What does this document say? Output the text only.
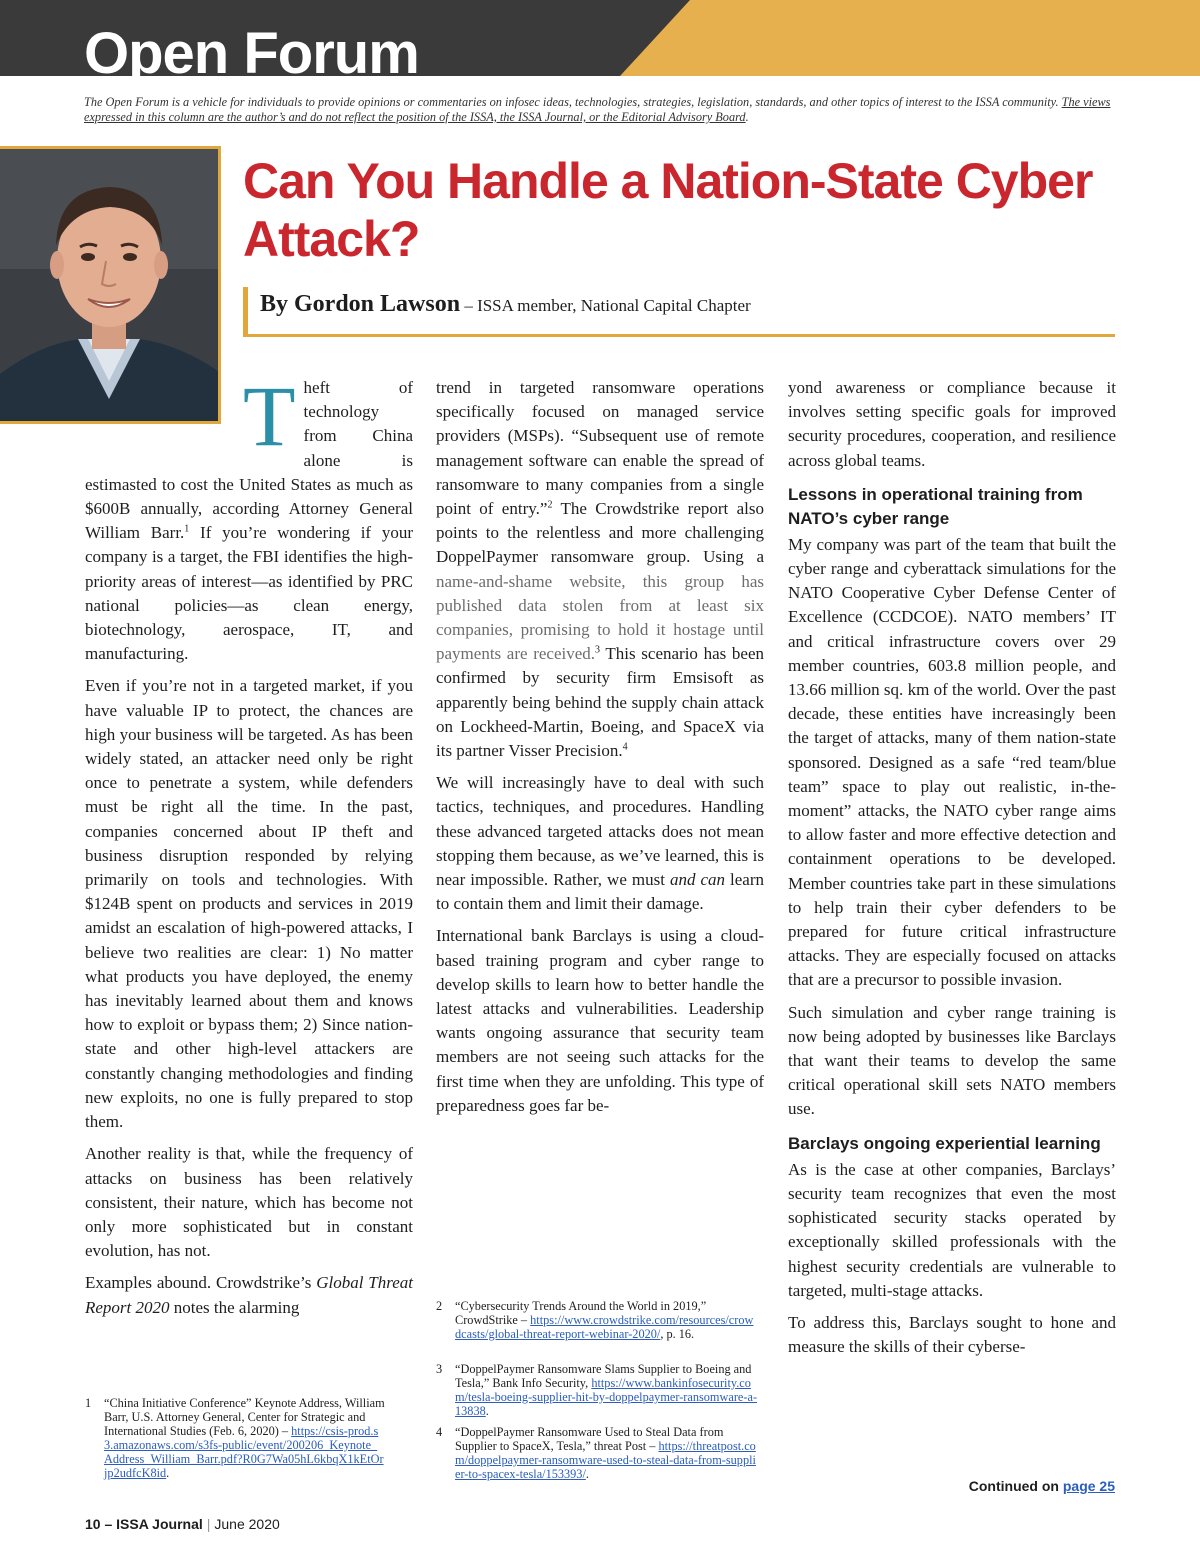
Open Forum

The Open Forum is a vehicle for individuals to provide opinions or commentaries on infosec ideas, technologies, strategies, legislation, standards, and other topics of interest to the ISSA community. The views expressed in this column are the author’s and do not reflect the position of the ISSA, the ISSA Journal, or the Editorial Advisory Board.

Can You Handle a Nation-State Cyber Attack?
By Gordon Lawson – ISSA member, National Capital Chapter

Theft of technology from China alone is estimasted to cost the United States as much as $600B annually, according Attorney General William Barr.$^1$ If you’re wondering if your company is a target, the FBI identifies the high-priority areas of interest—as identified by PRC national policies—as clean energy, biotechnology, aerospace, IT, and manufacturing.

Even if you’re not in a targeted market, if you have valuable IP to protect, the chances are high your business will be targeted. As has been widely stated, an attacker need only be right once to penetrate a system, while defenders must be right all the time. In the past, companies concerned about IP theft and business disruption responded by relying primarily on tools and technologies. With $124B spent on products and services in 2019 amidst an escalation of high-powered attacks, I believe two realities are clear: 1) No matter what products you have deployed, the enemy has inevitably learned about them and knows how to exploit or bypass them; 2) Since nation-state and other high-level attackers are constantly changing methodologies and finding new exploits, no one is fully prepared to stop them.

Another reality is that, while the frequency of attacks on business has been relatively consistent, their nature, which has become not only more sophisticated but in constant evolution, has not.

Examples abound. Crowdstrike’s Global Threat Report 2020 notes the alarming

trend in targeted ransomware operations specifically focused on managed service providers (MSPs). “Subsequent use of remote management software can enable the spread of ransomware to many companies from a single point of entry.”$^2$ The Crowdstrike report also points to the relentless and more challenging DoppelPaymer ransomware group. Using a name-and-shame website, this group has published data stolen from at least six companies, promising to hold it hostage until payments are received.$^3$ This scenario has been confirmed by security firm Emsisoft as apparently being behind the supply chain attack on Lockheed-Martin, Boeing, and SpaceX via its partner Visser Precision.$^4$

We will increasingly have to deal with such tactics, techniques, and procedures. Handling these advanced targeted attacks does not mean stopping them because, as we’ve learned, this is near impossible. Rather, we must and can learn to contain them and limit their damage.

International bank Barclays is using a cloud-based training program and cyber range to develop skills to learn how to better handle the latest attacks and vulnerabilities. Leadership wants ongoing assurance that security team members are not seeing such attacks for the first time when they are unfolding. This type of preparedness goes far be-

yond awareness or compliance because it involves setting specific goals for improved security procedures, cooperation, and resilience across global teams.

Lessons in operational training from NATO’s cyber range

My company was part of the team that built the cyber range and cyberattack simulations for the NATO Cooperative Cyber Defense Center of Excellence (CCDCOE). NATO members’ IT and critical infrastructure covers over 29 member countries, 603.8 million people, and 13.66 million sq. km of the world. Over the past decade, these entities have increasingly been the target of attacks, many of them nation-state sponsored. Designed as a safe “red team/blue team” space to play out realistic, in-the-moment” attacks, the NATO cyber range aims to allow faster and more effective detection and containment operations to be developed. Member countries take part in these simulations to help train their cyber defenders to be prepared for future critical infrastructure attacks. They are especially focused on attacks that are a precursor to possible invasion.

Such simulation and cyber range training is now being adopted by businesses like Barclays that want their teams to develop the same critical operational skill sets NATO members use.

Barclays ongoing experiential learning

As is the case at other companies, Barclays’ security team recognizes that even the most sophisticated security stacks operated by exceptionally skilled professionals with the highest security credentials are vulnerable to targeted, multi-stage attacks.

To address this, Barclays sought to hone and measure the skills of their cyberse-

1 “China Initiative Conference” Keynote Address, William Barr, U.S. Attorney General, Center for Strategic and International Studies (Feb. 6, 2020) – https://csis-prod.s3.amazonaws.com/s3fs-public/event/200206_Keynote_Address_William_Barr.pdf?R0G7Wa05hL6kbqX1kEtOrjp2udfcK8id.
2 “Cybersecurity Trends Around the World in 2019,” CrowdStrike – https://www.crowdstrike.com/resources/crowdcasts/global-threat-report-webinar-2020/, p. 16.
3 “DoppelPaymer Ransomware Slams Supplier to Boeing and Tesla,” Bank Info Security, https://www.bankinfosecurity.com/tesla-boeing-supplier-hit-by-doppelpaymer-ransomware-a-13838.
4 “DoppelPaymer Ransomware Used to Steal Data from Supplier to SpaceX, Tesla,” threat Post – https://threatpost.com/doppelpaymer-ransomware-used-to-steal-data-from-supplier-to-spacex-tesla/153393/.
Continued on page 25
10 – ISSA Journal | June 2020
